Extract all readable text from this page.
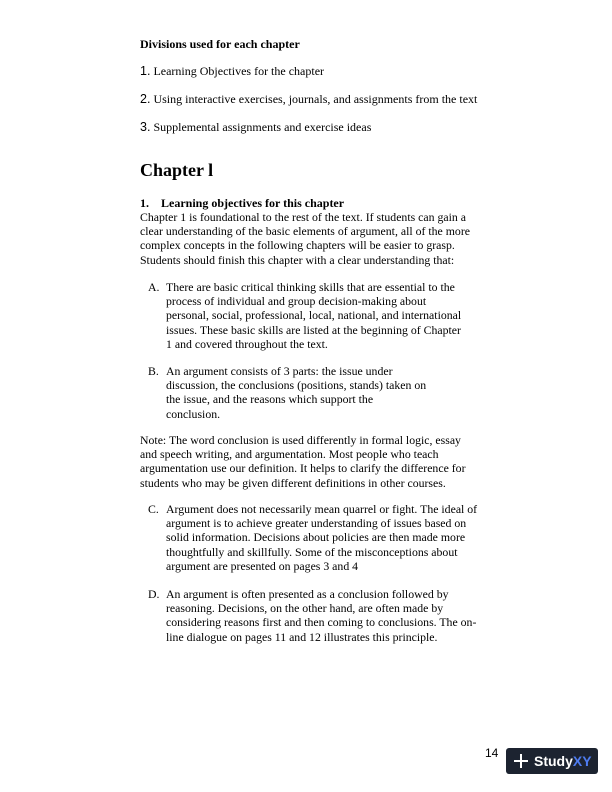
Divisions used for each chapter
1. Learning Objectives for the chapter
2. Using interactive exercises, journals, and assignments from the text
3. Supplemental assignments and exercise ideas
Chapter l
1. Learning objectives for this chapter
Chapter 1 is foundational to the rest of the text. If students can gain a
clear understanding of the basic elements of argument, all of the more
complex concepts in the following chapters will be easier to grasp.
Students should finish this chapter with a clear understanding that:
A. There are basic critical thinking skills that are essential to the
process of individual and group decision-making about
personal, social, professional, local, national, and international
issues. These basic skills are listed at the beginning of Chapter
1 and covered throughout the text.
B. An argument consists of 3 parts: the issue under
discussion, the conclusions (positions, stands) taken on
the issue, and the reasons which support the
conclusion.
Note: The word conclusion is used differently in formal logic, essay
and speech writing, and argumentation. Most people who teach
argumentation use our definition. It helps to clarify the difference for
students who may be given different definitions in other courses.
C. Argument does not necessarily mean quarrel or fight. The ideal of
argument is to achieve greater understanding of issues based on
solid information. Decisions about policies are then made more
thoughtfully and skillfully. Some of the misconceptions about
argument are presented on pages 3 and 4
D. An argument is often presented as a conclusion followed by
reasoning. Decisions, on the other hand, are often made by
considering reasons first and then coming to conclusions. The on-
line dialogue on pages 11 and 12 illustrates this principle.
14	StudyXY
